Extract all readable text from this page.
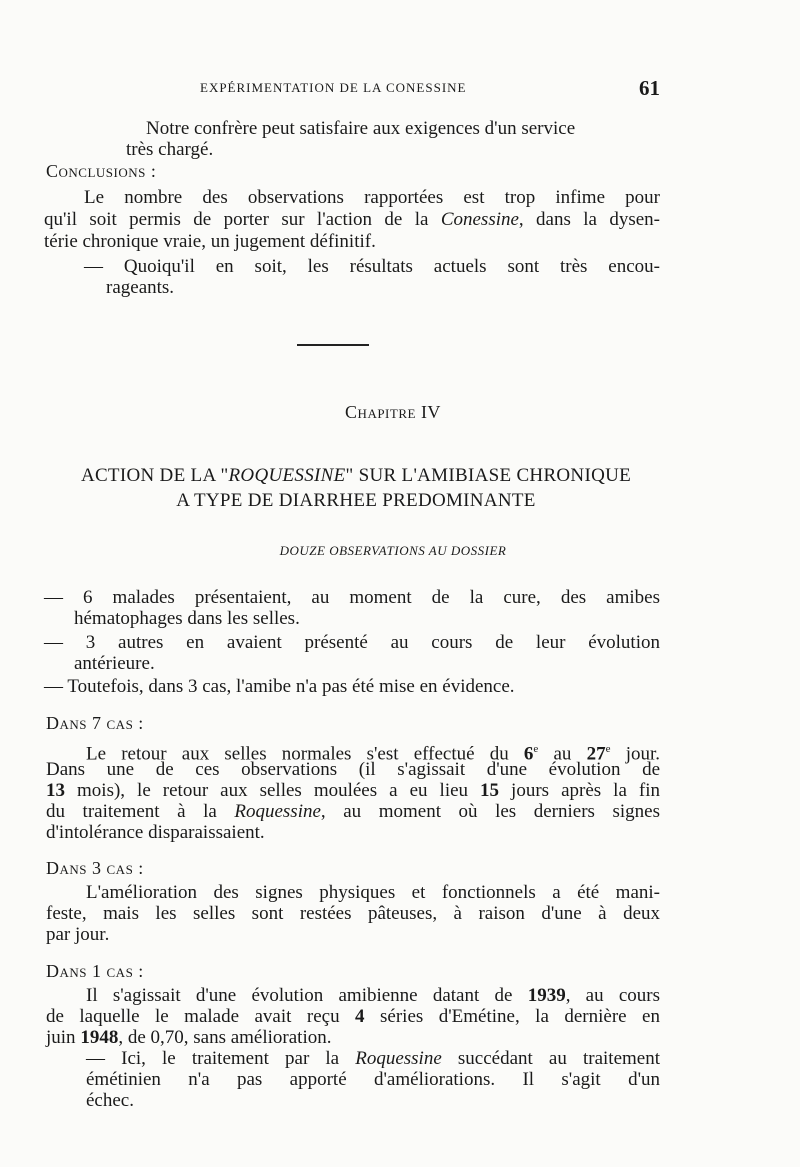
EXPÉRIMENTATION DE LA CONESSINE	61
Notre confrère peut satisfaire aux exigences d'un service
très chargé.
Conclusions :
Le nombre des observations rapportées est trop infime pour
qu'il soit permis de porter sur l'action de la Conessine, dans la dysen-
térie chronique vraie, un jugement définitif.
— Quoiqu'il en soit, les résultats actuels sont très encou-
rageants.
Chapitre IV
ACTION DE LA "ROQUESSINE" SUR L'AMIBIASE CHRONIQUE
A TYPE DE DIARRHEE PREDOMINANTE
DOUZE OBSERVATIONS AU DOSSIER
— 6 malades présentaient, au moment de la cure, des amibes
hématophages dans les selles.
— 3 autres en avaient présenté au cours de leur évolution
antérieure.
— Toutefois, dans 3 cas, l'amibe n'a pas été mise en évidence.
Dans 7 cas :
Le retour aux selles normales s'est effectué du 6e au 27e jour.
Dans une de ces observations (il s'agissait d'une évolution de
13 mois), le retour aux selles moulées a eu lieu 15 jours après la fin
du traitement à la Roquessine, au moment où les derniers signes
d'intolérance disparaissaient.
Dans 3 cas :
L'amélioration des signes physiques et fonctionnels a été mani-
feste, mais les selles sont restées pâteuses, à raison d'une à deux
par jour.
Dans 1 cas :
Il s'agissait d'une évolution amibienne datant de 1939, au cours
de laquelle le malade avait reçu 4 séries d'Emétine, la dernière en
juin 1948, de 0,70, sans amélioration.
— Ici, le traitement par la Roquessine succédant au traitement
émétinien n'a pas apporté d'améliorations. Il s'agit d'un
échec.
